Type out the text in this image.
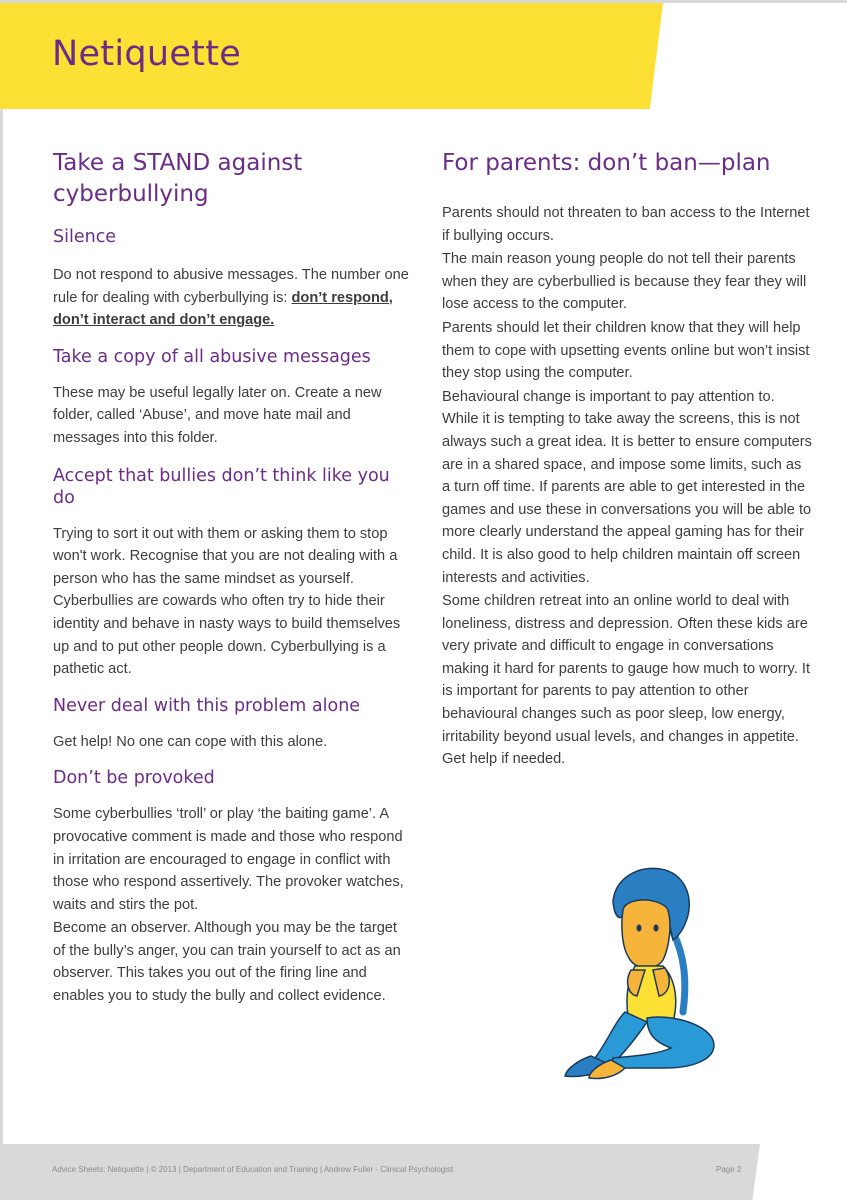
Netiquette
Take a STAND against cyberbullying
Silence

Do not respond to abusive messages. The number one rule for dealing with cyberbullying is: don’t respond, don’t interact and don’t engage.

Take a copy of all abusive messages

These may be useful legally later on. Create a new folder, called ‘Abuse’, and move hate mail and messages into this folder.

Accept that bullies don’t think like you do

Trying to sort it out with them or asking them to stop won't work. Recognise that you are not dealing with a person who has the same mindset as yourself. Cyberbullies are cowards who often try to hide their identity and behave in nasty ways to build themselves up and to put other people down. Cyberbullying is a pathetic act.

Never deal with this problem alone

Get help! No one can cope with this alone.

Don’t be provoked

Some cyberbullies ‘troll’ or play ‘the baiting game’. A provocative comment is made and those who respond in irritation are encouraged to engage in conflict with those who respond assertively. The provoker watches, waits and stirs the pot.

Become an observer. Although you may be the target of the bully’s anger, you can train yourself to act as an observer. This takes you out of the firing line and enables you to study the bully and collect evidence.

For parents: don’t ban—plan

Parents should not threaten to ban access to the Internet if bullying occurs.

The main reason young people do not tell their parents when they are cyberbullied is because they fear they will lose access to the computer.

Parents should let their children know that they will help them to cope with upsetting events online but won’t insist they stop using the computer.

Behavioural change is important to pay attention to. While it is tempting to take away the screens, this is not always such a great idea. It is better to ensure computers are in a shared space, and impose some limits, such as a turn off time. If parents are able to get interested in the games and use these in conversations you will be able to more clearly understand the appeal gaming has for their child. It is also good to help children maintain off screen interests and activities.

Some children retreat into an online world to deal with loneliness, distress and depression. Often these kids are very private and difficult to engage in conversations making it hard for parents to gauge how much to worry. It is important for parents to pay attention to other behavioural changes such as poor sleep, low energy, irritability beyond usual levels, and changes in appetite. Get help if needed.

Advice Sheets: Netiquette | © 2013 | Department of Education and Training | Andrew Fuller - Clinical Psychologist	Page 2
